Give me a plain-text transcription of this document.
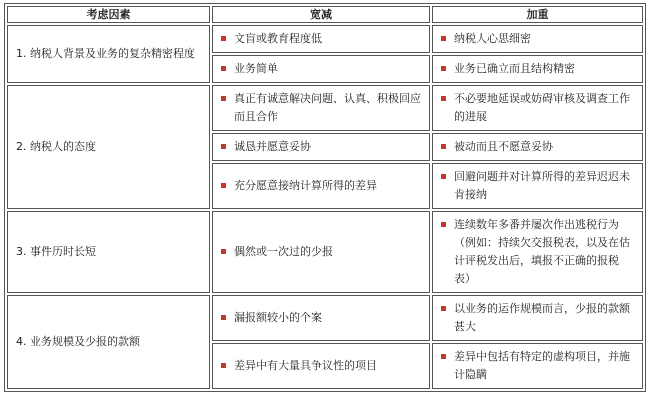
考虑因素	宽减	加重
1. 纳税人背景及业务的复杂精密程度	文盲或教育程度低	纳税人心思细密

	业务简单	业务已确立而且结构精密

2. 纳税人的态度	真正有诚意解决问题、认真、积极回应而且合作	不必要地延误或妨碍审核及调查工作的进展

	诚恳并愿意妥协	被动而且不愿意妥协

	充分愿意接纳计算所得的差异	回避问题并对计算所得的差异迟迟未肯接纳

3. 事件历时长短	偶然或一次过的少报	连续数年多番并屡次作出逃税行为（例如：持续欠交报税表，以及在估计评税发出后，填报不正确的报税表）

4. 业务规模及少报的款额	漏报额较小的个案	以业务的运作规模而言，少报的款额甚大

	差异中有大量具争议性的项目	差异中包括有特定的虚构项目，并施计隐瞒
